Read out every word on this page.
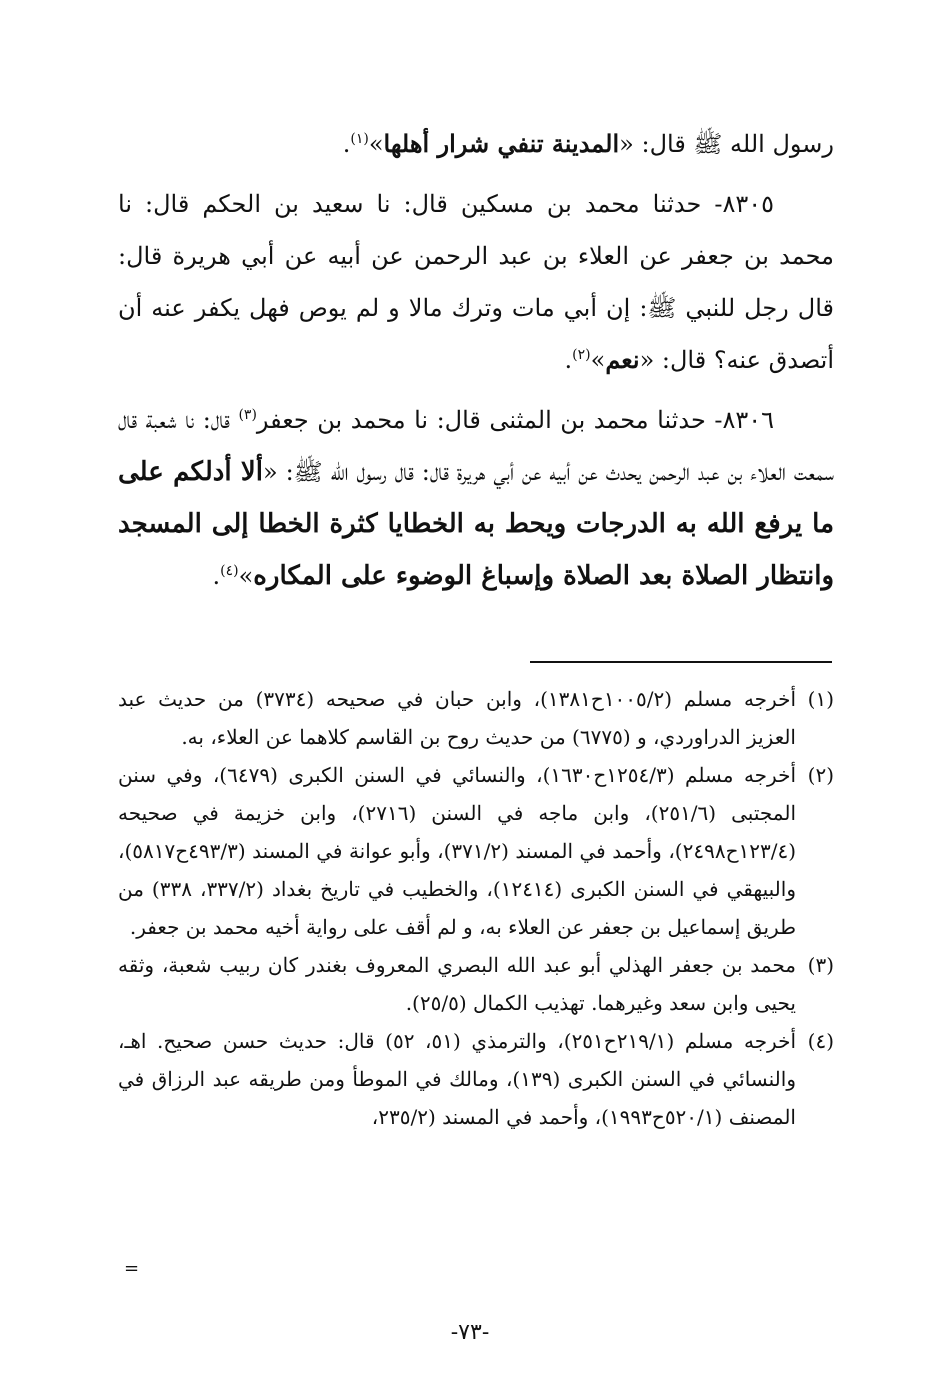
رسول الله ﷺ قال: «المدينة تنفي شرار أهلها»$^{(١)}$.

٨٣٠٥- حدثنا محمد بن مسكين قال: نا سعيد بن الحكم قال: نا محمد بن جعفر عن العلاء بن عبد الرحمن عن أبيه عن أبي هريرة قال: قال رجل للنبي ﷺ: إن أبي مات وترك مالا و لم يوص فهل يكفر عنه أن أتصدق عنه؟ قال: «نعم»$^{(٢)}$.

٨٣٠٦- حدثنا محمد بن المثنى قال: نا محمد بن جعفر$^{(٣)}$ قال: نا شعبة قال سمعت العلاء بن عبد الرحمن يحدث عن أبيه عن أبي هريرة قال: قال رسول الله ﷺ: «ألا أدلكم على ما يرفع الله به الدرجات ويحط به الخطايا كثرة الخطا إلى المسجد وانتظار الصلاة بعد الصلاة وإسباغ الوضوء على المكاره»$^{(٤)}$.

(١)
أخرجه مسلم (١٠٠٥/٢ح١٣٨١)، وابن حبان في صحيحه (٣٧٣٤) من حديث عبد العزيز الدراوردي، و (٦٧٧٥) من حديث روح بن القاسم كلاهما عن العلاء، به.
(٢)
أخرجه مسلم (١٢٥٤/٣ح١٦٣٠)، والنسائي في السنن الكبرى (٦٤٧٩)، وفي سنن المجتبى (٢٥١/٦)، وابن ماجه في السنن (٢٧١٦)، وابن خزيمة في صحيحه (١٢٣/٤ح٢٤٩٨)، وأحمد في المسند (٣٧١/٢)، وأبو عوانة في المسند (٤٩٣/٣ح٥٨١٧)، والبيهقي في السنن الكبرى (١٢٤١٤)، والخطيب في تاريخ بغداد (٣٣٧/٢، ٣٣٨) من طريق إسماعيل بن جعفر عن العلاء به، و لم أقف على رواية أخيه محمد بن جعفر.
(٣)
محمد بن جعفر الهذلي أبو عبد الله البصري المعروف بغندر كان ربيب شعبة، وثقه يحيى وابن سعد وغيرهما. تهذيب الكمال (٢٥/٥).
(٤)
أخرجه مسلم (٢١٩/١ح٢٥١)، والترمذي (٥١، ٥٢) قال: حديث حسن صحيح. اهـ، والنسائي في السنن الكبرى (١٣٩)، ومالك في الموطأ ومن طريقه عبد الرزاق في المصنف (٥٢٠/١ح١٩٩٣)، وأحمد في المسند (٢٣٥/٢،
=
-٧٣-
